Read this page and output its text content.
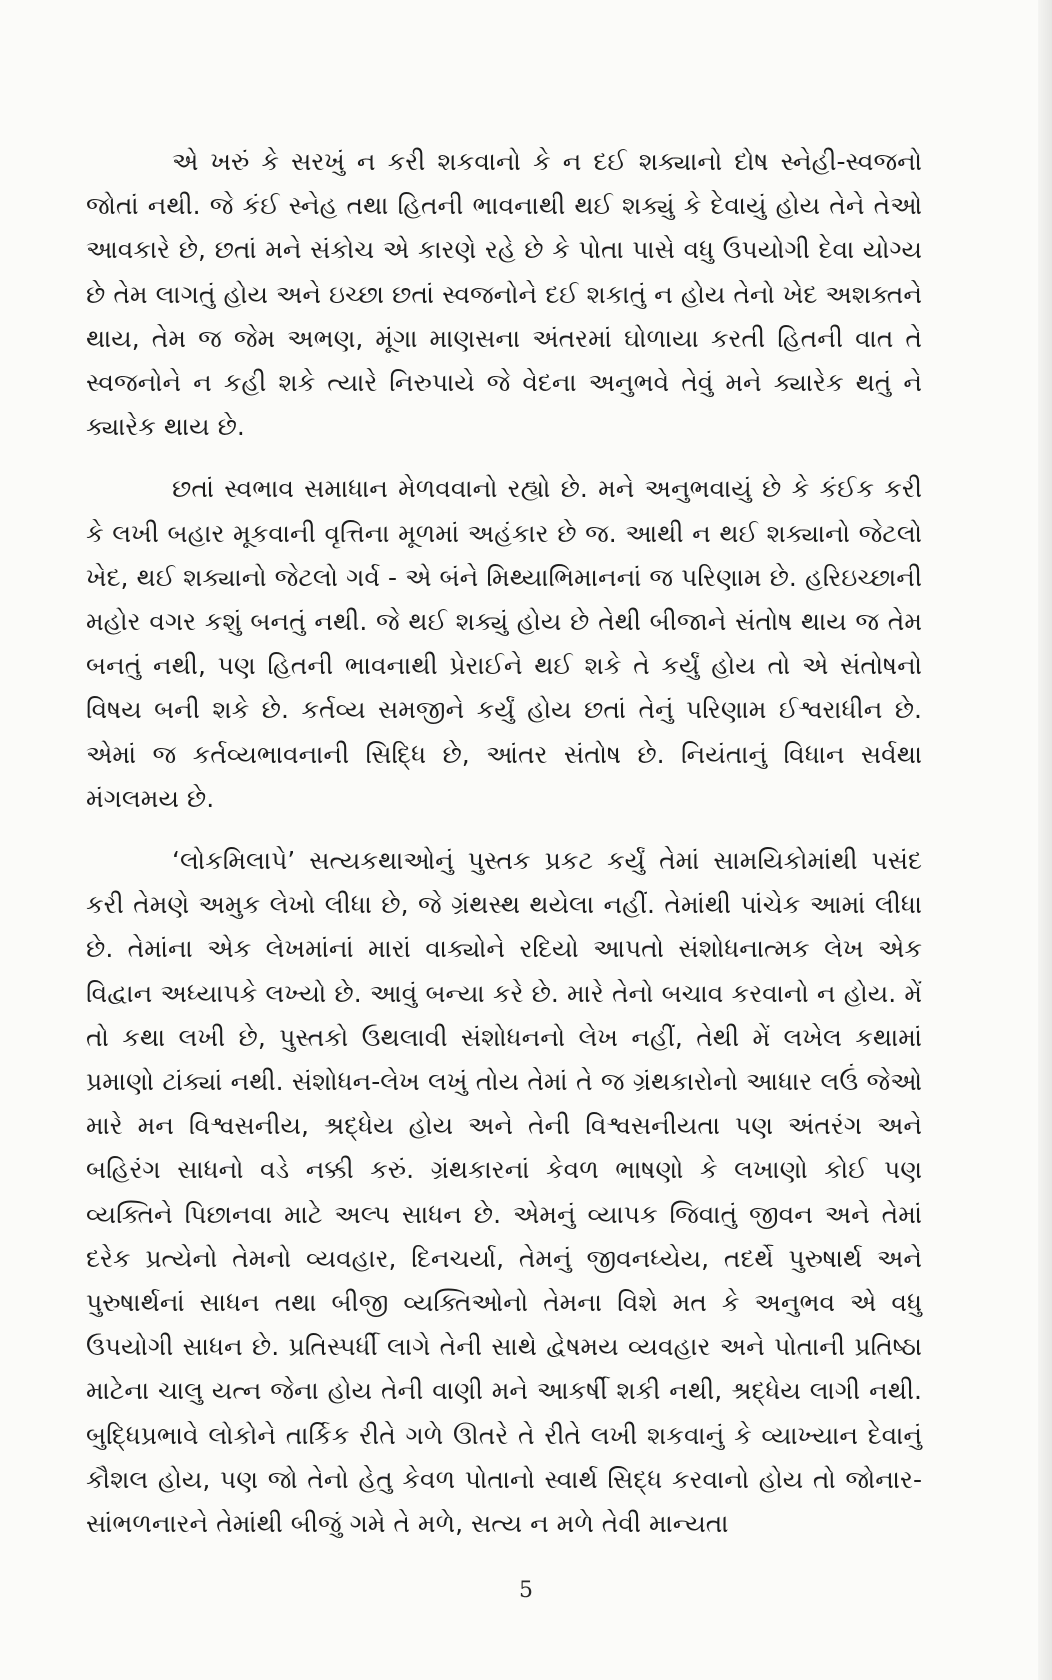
એ ખરું કે સરખું ન કરી શકવાનો કે ન દઈ શક્યાનો દોષ સ્નેહી-સ્વજનો જોતાં નથી. જે કંઈ સ્નેહ તથા હિતની ભાવનાથી થઈ શક્યું કે દેવાયું હોય તેને તેઓ આવકારે છે, છતાં મને સંકોચ એ કારણે રહે છે કે પોતા પાસે વધુ ઉપયોગી દેવા યોગ્ય છે તેમ લાગતું હોય અને ઇચ્છા છતાં સ્વજનોને દઈ શકાતું ન હોય તેનો ખેદ અશક્તને થાય, તેમ જ જેમ અભણ, મૂંગા માણસના અંતરમાં ઘોળાયા કરતી હિતની વાત તે સ્વજનોને ન કહી શકે ત્યારે નિરુપાયે જે વેદના અનુભવે તેવું મને ક્યારેક થતું ને ક્યારેક થાય છે.

છતાં સ્વભાવ સમાધાન મેળવવાનો રહ્યો છે. મને અનુભવાયું છે કે કંઈક કરી કે લખી બહાર મૂકવાની વૃત્તિના મૂળમાં અહંકાર છે જ. આથી ન થઈ શક્યાનો જેટલો ખેદ, થઈ શક્યાનો જેટલો ગર્વ - એ બંને મિથ્યાભિમાનનાં જ પરિણામ છે. હરિઇચ્છાની મહોર વગર કશું બનતું નથી. જે થઈ શક્યું હોય છે તેથી બીજાને સંતોષ થાય જ તેમ બનતું નથી, પણ હિતની ભાવનાથી પ્રેરાઈને થઈ શકે તે કર્યું હોય તો એ સંતોષનો વિષય બની શકે છે. કર્તવ્ય સમજીને કર્યું હોય છતાં તેનું પરિણામ ઈશ્વરાધીન છે. એમાં જ કર્તવ્યભાવનાની સિદ્ધિ છે, આંતર સંતોષ છે. નિયંતાનું વિધાન સર્વથા મંગલમય છે.

‘લોકમિલાપે’ સત્યકથાઓનું પુસ્તક પ્રકટ કર્યું તેમાં સામયિકોમાંથી પસંદ કરી તેમણે અમુક લેખો લીધા છે, જે ગ્રંથસ્થ થયેલા નહીં. તેમાંથી પાંચેક આમાં લીધા છે. તેમાંના એક લેખમાંનાં મારાં વાક્યોને રદિયો આપતો સંશોધનાત્મક લેખ એક વિદ્વાન અધ્યાપકે લખ્યો છે. આવું બન્યા કરે છે. મારે તેનો બચાવ કરવાનો ન હોય. મેં તો કથા લખી છે, પુસ્તકો ઉથલાવી સંશોધનનો લેખ નહીં, તેથી મેં લખેલ કથામાં પ્રમાણો ટાંક્યાં નથી. સંશોધન-લેખ લખું તોય તેમાં તે જ ગ્રંથકારોનો આધાર લઉં જેઓ મારે મન વિશ્વસનીય, શ્રદ્ધેય હોય અને તેની વિશ્વસનીયતા પણ અંતરંગ અને બહિરંગ સાધનો વડે નક્કી કરું. ગ્રંથકારનાં કેવળ ભાષણો કે લખાણો કોઈ પણ વ્યક્તિને પિછાનવા માટે અલ્પ સાધન છે. એમનું વ્યાપક જિવાતું જીવન અને તેમાં દરેક પ્રત્યેનો તેમનો વ્યવહાર, દિનચર્યા, તેમનું જીવનધ્યેય, તદર્થે પુરુષાર્થ અને પુરુષાર્થનાં સાધન તથા બીજી વ્યક્તિઓનો તેમના વિશે મત કે અનુભવ એ વધુ ઉપયોગી સાધન છે. પ્રતિસ્પર્ધી લાગે તેની સાથે દ્વેષમય વ્યવહાર અને પોતાની પ્રતિષ્ઠા માટેના ચાલુ યત્ન જેના હોય તેની વાણી મને આકર્ષી શકી નથી, શ્રદ્ધેય લાગી નથી. બુદ્ધિપ્રભાવે લોકોને તાર્કિક રીતે ગળે ઊતરે તે રીતે લખી શકવાનું કે વ્યાખ્યાન દેવાનું કૌશલ હોય, પણ જો તેનો હેતુ કેવળ પોતાનો સ્વાર્થ સિદ્ધ કરવાનો હોય તો જોનાર-સાંભળનારને તેમાંથી બીજું ગમે તે મળે, સત્ય ન મળે તેવી માન્યતા

5
